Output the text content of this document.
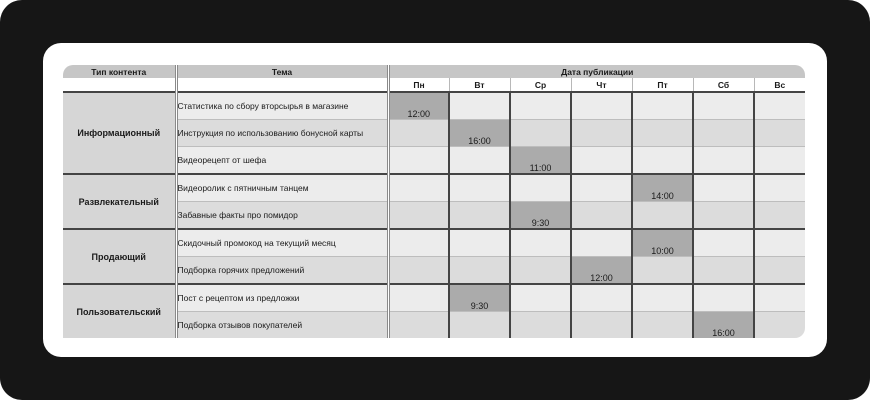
Тип контента	Тема	Дата публикации						
		Пн	Вт	Ср	Чт	Пт	Сб	Вс
Информационный	Статистика по сбору вторсырья в магазине	12:00						
	Инструкция по использованию бонусной карты		16:00					
	Видеорецепт от шефа			11:00				
Развлекательный	Видеоролик с пятничным танцем					14:00		
	Забавные факты про помидор			9:30				
Продающий	Скидочный промокод на текущий месяц					10:00		
	Подборка горячих предложений				12:00			
Пользовательский	Пост с рецептом из предложки		9:30					
	Подборка отзывов покупателей						16:00	
